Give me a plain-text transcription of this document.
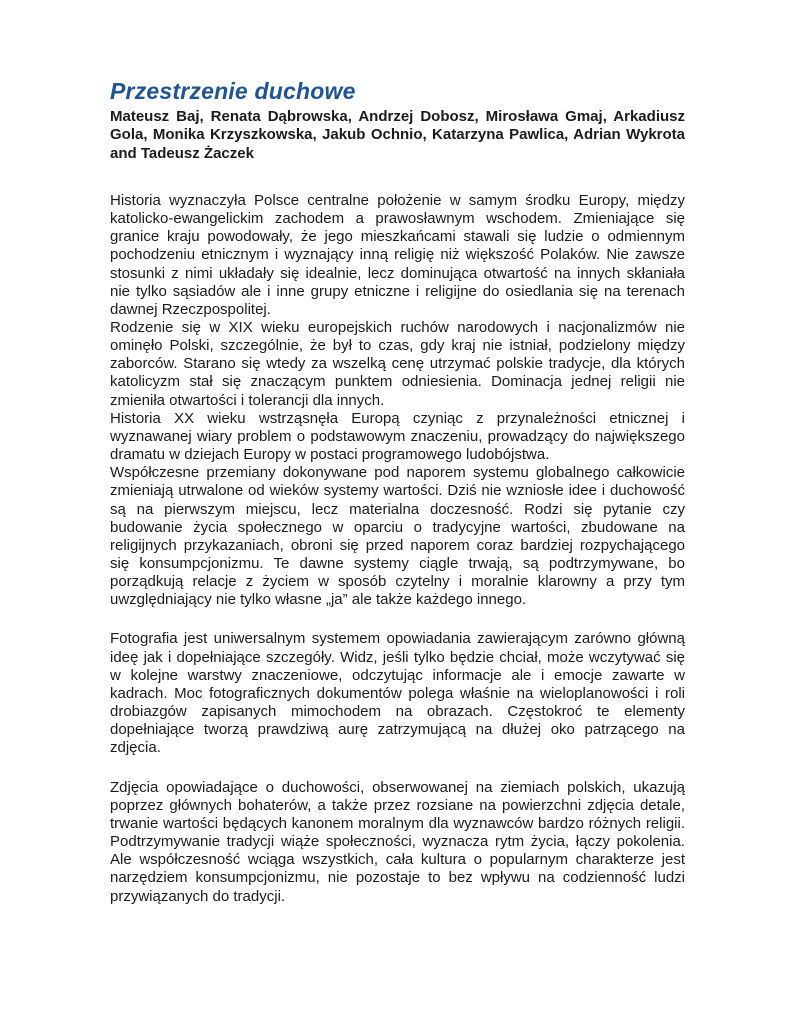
Przestrzenie duchowe

Mateusz Baj, Renata Dąbrowska, Andrzej Dobosz, Mirosława Gmaj, Arkadiusz Gola, Monika Krzyszkowska, Jakub Ochnio, Katarzyna Pawlica, Adrian Wykrota and Tadeusz Żaczek

Historia wyznaczyła Polsce centralne położenie w samym środku Europy, między katolicko-ewangelickim zachodem a prawosławnym wschodem. Zmieniające się granice kraju powodowały, że jego mieszkańcami stawali się ludzie o odmiennym pochodzeniu etnicznym i wyznający inną religię niż większość Polaków. Nie zawsze stosunki z nimi układały się idealnie, lecz dominująca otwartość na innych skłaniała nie tylko sąsiadów ale i inne grupy etniczne i religijne do osiedlania się na terenach dawnej Rzeczpospolitej.

Rodzenie się w XIX wieku europejskich ruchów narodowych i nacjonalizmów nie ominęło Polski, szczególnie, że był to czas, gdy kraj nie istniał, podzielony między zaborców. Starano się wtedy za wszelką cenę utrzymać polskie tradycje, dla których katolicyzm stał się znaczącym punktem odniesienia. Dominacja jednej religii nie zmieniła otwartości i tolerancji dla innych.

Historia XX wieku wstrząsnęła Europą czyniąc z przynależności etnicznej i wyznawanej wiary problem o podstawowym znaczeniu, prowadzący do największego dramatu w dziejach Europy w postaci programowego ludobójstwa.

Współczesne przemiany dokonywane pod naporem systemu globalnego całkowicie zmieniają utrwalone od wieków systemy wartości. Dziś nie wzniosłe idee i duchowość są na pierwszym miejscu, lecz materialna doczesność. Rodzi się pytanie czy budowanie życia społecznego w oparciu o tradycyjne wartości, zbudowane na religijnych przykazaniach, obroni się przed naporem coraz bardziej rozpychającego się konsumpcjonizmu. Te dawne systemy ciągle trwają, są podtrzymywane, bo porządkują relacje z życiem w sposób czytelny i moralnie klarowny a przy tym uwzględniający nie tylko własne „ja” ale także każdego innego.

Fotografia jest uniwersalnym systemem opowiadania zawierającym zarówno główną ideę jak i dopełniające szczegóły. Widz, jeśli tylko będzie chciał, może wczytywać się w kolejne warstwy znaczeniowe, odczytując informacje ale i emocje zawarte w kadrach. Moc fotograficznych dokumentów polega właśnie na wieloplanowości i roli drobiazgów zapisanych mimochodem na obrazach. Częstokroć te elementy dopełniające tworzą prawdziwą aurę zatrzymującą na dłużej oko patrzącego na zdjęcia.

Zdjęcia opowiadające o duchowości, obserwowanej na ziemiach polskich, ukazują poprzez głównych bohaterów, a także przez rozsiane na powierzchni zdjęcia detale, trwanie wartości będących kanonem moralnym dla wyznawców bardzo różnych religii. Podtrzymywanie tradycji wiąże społeczności, wyznacza rytm życia, łączy pokolenia. Ale współczesność wciąga wszystkich, cała kultura o popularnym charakterze jest narzędziem konsumpcjonizmu, nie pozostaje to bez wpływu na codzienność ludzi przywiązanych do tradycji.
